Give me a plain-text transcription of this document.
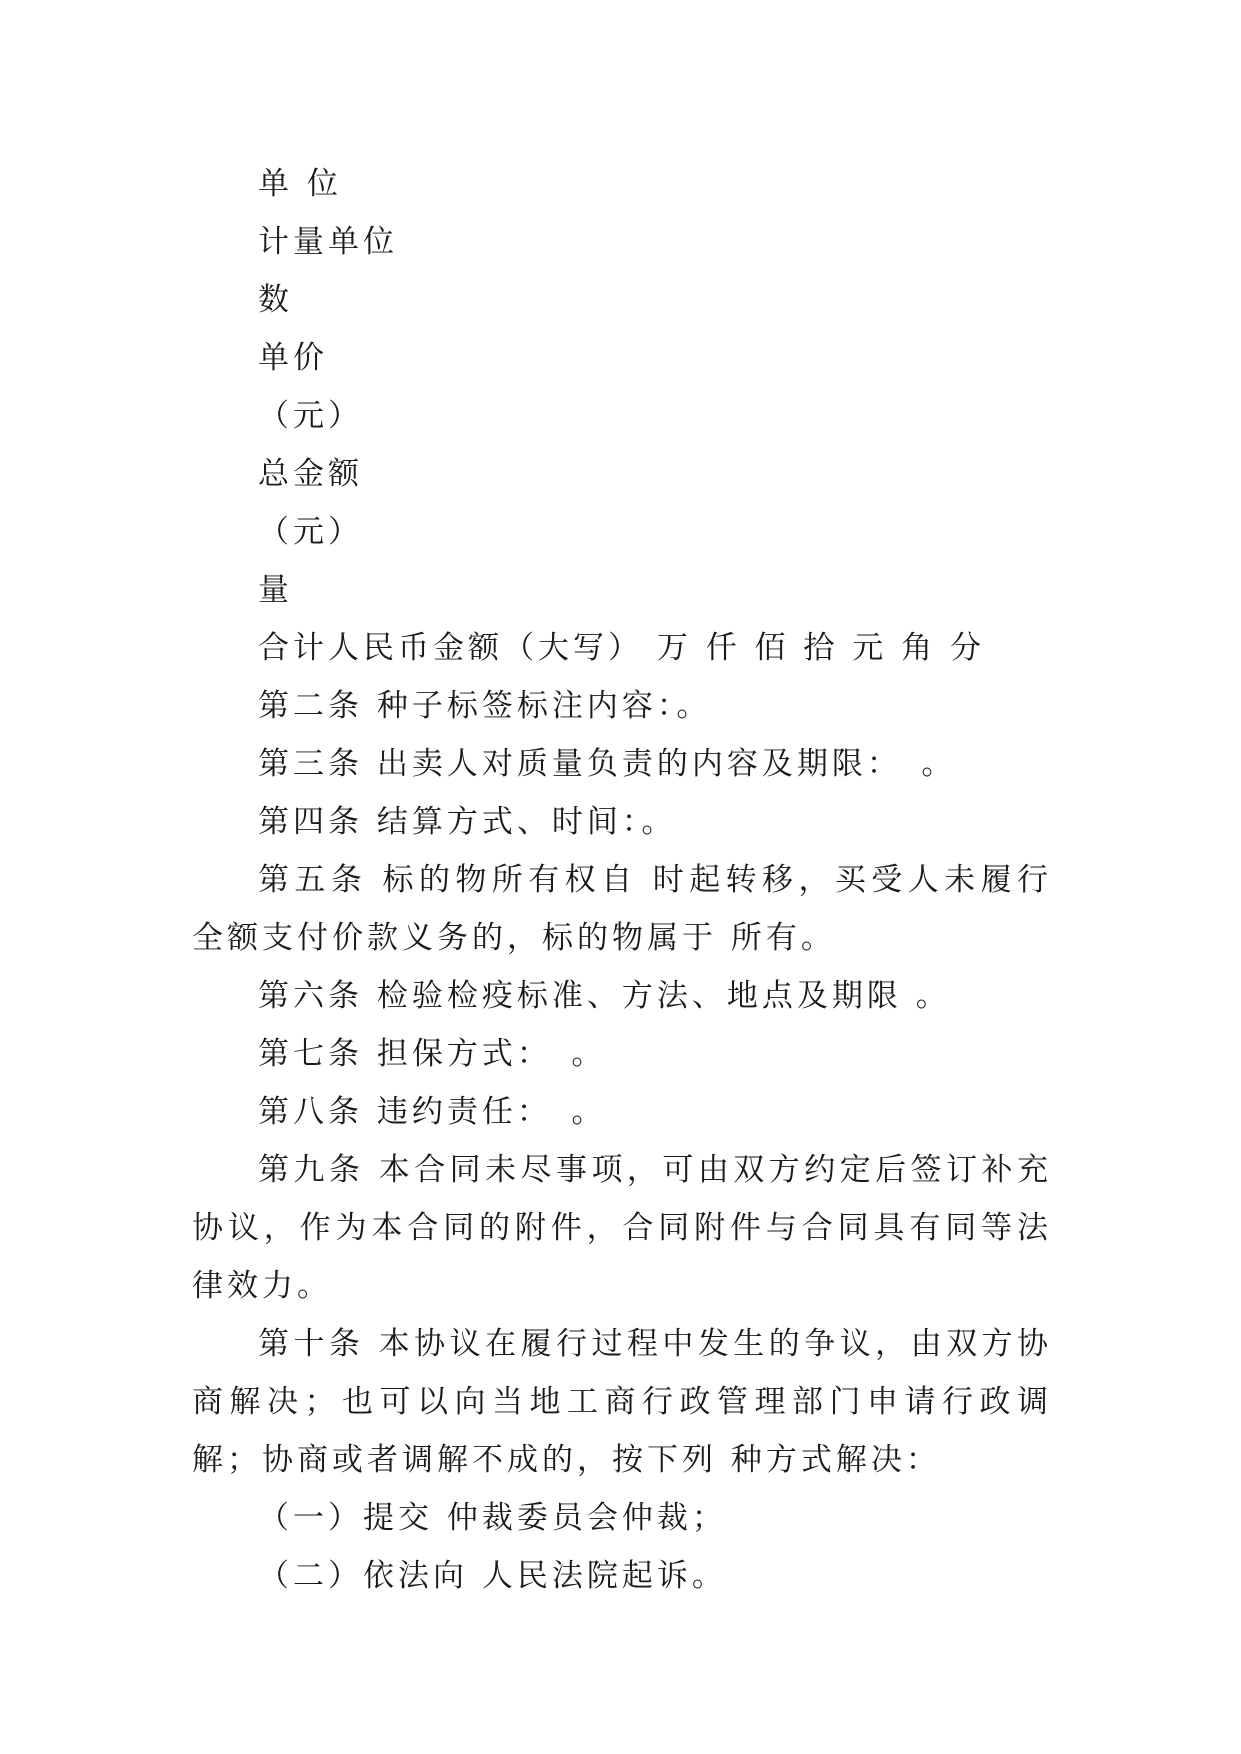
单 位
计量单位
数
单价
（元）
总金额
（元）
量
合计人民币金额（大写） 万 仟 佰 拾 元 角 分
第二条 种子标签标注内容：。
第三条 出卖人对质量负责的内容及期限：　。
第四条 结算方式、时间：。

第五条 标的物所有权自 时起转移，买受人未履行全额支付价款义务的，标的物属于 所有。

第六条 检验检疫标准、方法、地点及期限 。
第七条 担保方式：　。
第八条 违约责任：　。

第九条 本合同未尽事项，可由双方约定后签订补充协议，作为本合同的附件，合同附件与合同具有同等法律效力。

第十条 本协议在履行过程中发生的争议，由双方协商解决；也可以向当地工商行政管理部门申请行政调解；协商或者调解不成的，按下列 种方式解决：

（一）提交 仲裁委员会仲裁；
（二）依法向 人民法院起诉。
